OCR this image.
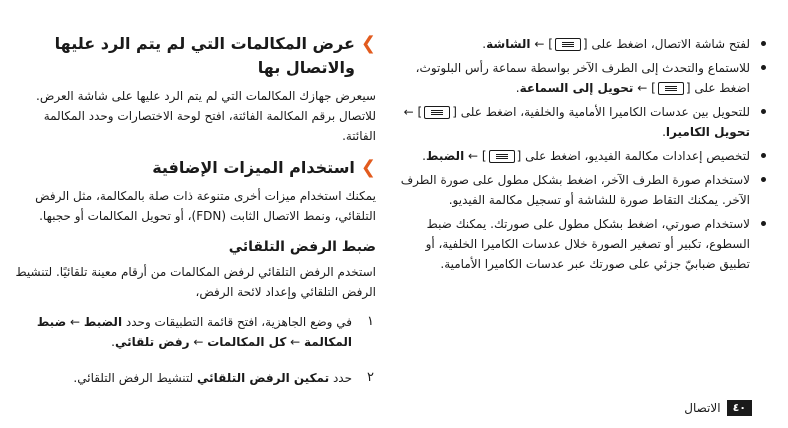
لفتح شاشة الاتصال، اضغط على [] ← الشاشة.
للاستماع والتحدث إلى الطرف الآخر بواسطة سماعة رأس البلوتوث، اضغط على [] ← تحويل إلى السماعة.
للتحويل بين عدسات الكاميرا الأمامية والخلفية، اضغط على [] ← تحويل الكاميرا.
لتخصيص إعدادات مكالمة الفيديو، اضغط على [] ← الضبط.
لاستخدام صورة الطرف الآخر، اضغط بشكل مطول على صورة الطرف الآخر. يمكنك التقاط صورة للشاشة أو تسجيل مكالمة الفيديو.
لاستخدام صورتي، اضغط بشكل مطول على صورتك. يمكنك ضبط السطوع، تكبير أو تصغير الصورة خلال عدسات الكاميرا الخلفية، أو تطبيق ضبابيّ جزئي على صورتك عبر عدسات الكاميرا الأمامية.
❯
عرض المكالمات التي لم يتم الرد عليها والاتصال بها

سيعرض جهازك المكالمات التي لم يتم الرد عليها على شاشة العرض. للاتصال برقم المكالمة الفائتة، افتح لوحة الاختصارات وحدد المكالمة الفائتة.

❯
استخدام الميزات الإضافية

يمكنك استخدام ميزات أخرى متنوعة ذات صلة بالمكالمة، مثل الرفض التلقائي، ونمط الاتصال الثابت (FDN)، أو تحويل المكالمات أو حجبها.

ضبط الرفض التلقائي

استخدم الرفض التلقائي لرفض المكالمات من أرقام معينة تلقائيًا. لتنشيط الرفض التلقائي وإعداد لائحة الرفض،

١
في وضع الجاهزية، افتح قائمة التطبيقات وحدد الضبط ← ضبط المكالمة ← كل المكالمات ← رفض تلقائي.
٢
حدد تمكين الرفض التلقائي لتنشيط الرفض التلقائي.
٤٠
الاتصال
